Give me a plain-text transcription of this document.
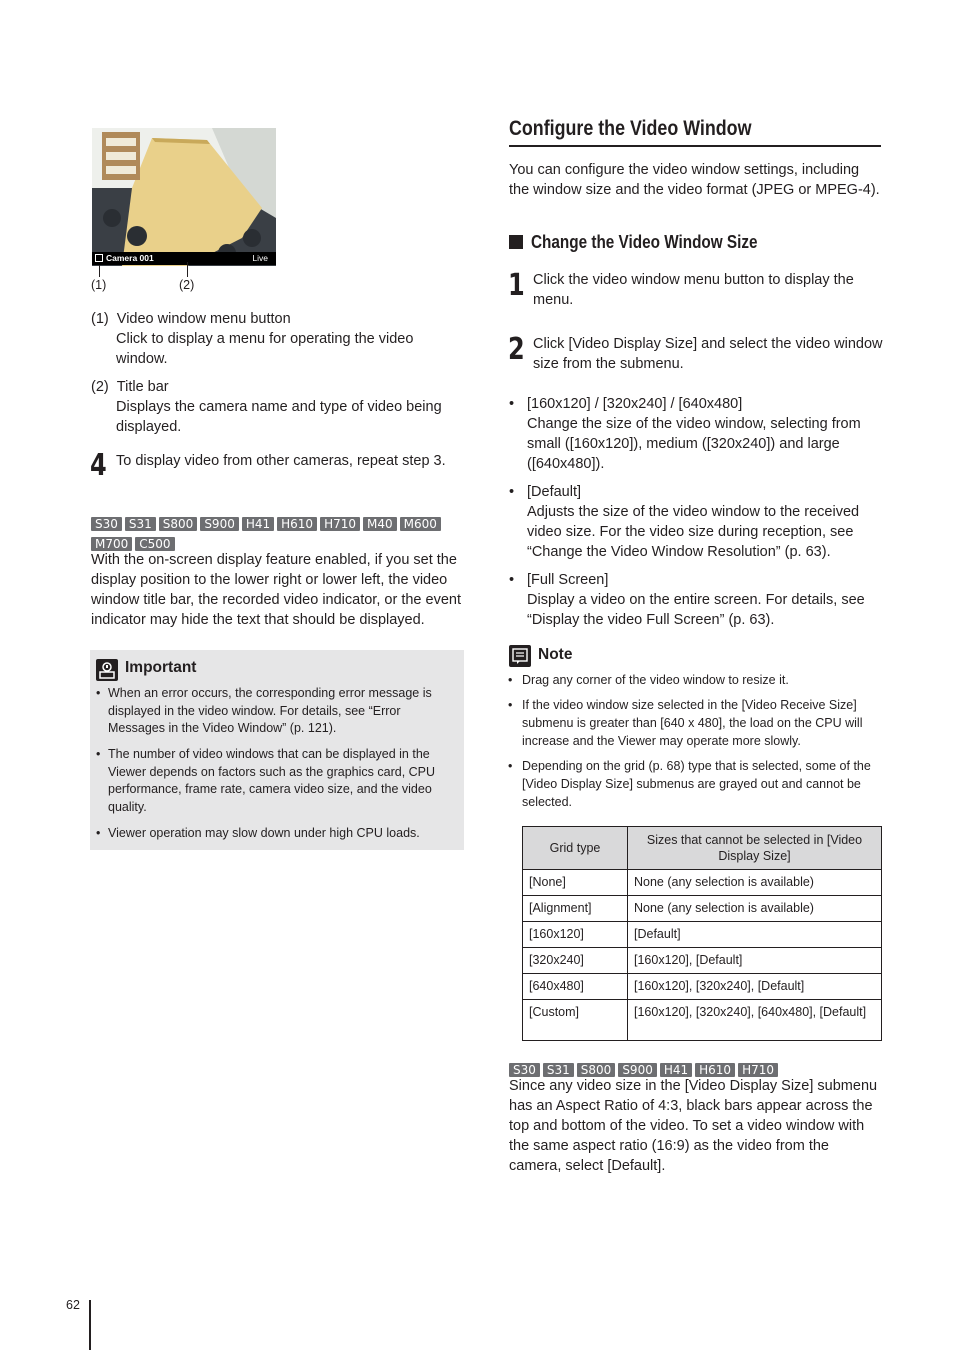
Camera 001	Live
(1)	(2)
(1) Video window menu button
Click to display a menu for operating the video window.
(2) Title bar
Displays the camera name and type of video being displayed.
4 To display video from other cameras, repeat step 3.
S30 S31 S800 S900 H41 H610 H710 M40 M600
M700 C500
With the on-screen display feature enabled, if you set the display position to the lower right or lower left, the video window title bar, the recorded video indicator, or the event indicator may hide the text that should be displayed.
Important
• When an error occurs, the corresponding error message is displayed in the video window. For details, see “Error Messages in the Video Window” (p. 121).
• The number of video windows that can be displayed in the Viewer depends on factors such as the graphics card, CPU performance, frame rate, camera video size, and the video quality.
• Viewer operation may slow down under high CPU loads.
Configure the Video Window
You can configure the video window settings, including the window size and the video format (JPEG or MPEG-4).
Change the Video Window Size
1 Click the video window menu button to display the menu.
2 Click [Video Display Size] and select the video window size from the submenu.
• [160x120] / [320x240] / [640x480]
Change the size of the video window, selecting from small ([160x120]), medium ([320x240]) and large ([640x480]).
• [Default]
Adjusts the size of the video window to the received video size. For the video size during reception, see “Change the Video Window Resolution” (p. 63).
• [Full Screen]
Display a video on the entire screen. For details, see “Display the video Full Screen” (p. 63).
Note
• Drag any corner of the video window to resize it.
• If the video window size selected in the [Video Receive Size] submenu is greater than [640 x 480], the load on the CPU will increase and the Viewer may operate more slowly.
• Depending on the grid (p. 68) type that is selected, some of the [Video Display Size] submenus are grayed out and cannot be selected.
Grid type	Sizes that cannot be selected in [Video Display Size]
[None]	None (any selection is available)
[Alignment]	None (any selection is available)
[160x120]	[Default]
[320x240]	[160x120], [Default]
[640x480]	[160x120], [320x240], [Default]
[Custom]	[160x120], [320x240], [640x480], [Default]
S30 S31 S800 S900 H41 H610 H710
Since any video size in the [Video Display Size] submenu has an Aspect Ratio of 4:3, black bars appear across the top and bottom of the video. To set a video window with the same aspect ratio (16:9) as the video from the camera, select [Default].
62
